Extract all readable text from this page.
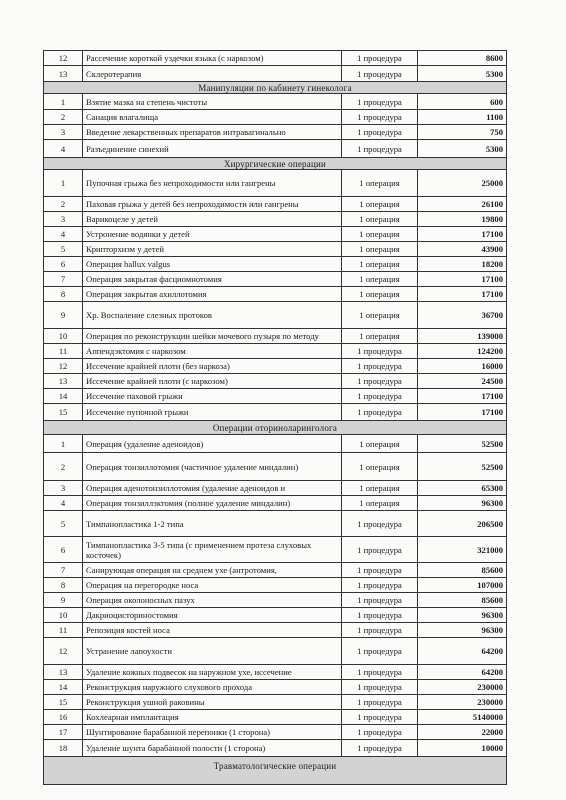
12	Рассечение короткой уздечки языка (с наркозом)	1 процедура	8600
13	Склеротерапия	1 процедура	5300
Манипуляции по кабинету гинеколога			
1	Взятие мазка на степень чистоты	1 процедура	600
2	Санация влагалища	1 процедура	1100
3	Введение лекарственных препаратов интравагинально	1 процедура	750
4	Разъединение синехий	1 процедура	5300
Хирургические операции			
1	Пупочная грыжа без непроходимости или гангрены	1 операция	25000
2	Паховая грыжа у детей без непроходимости или гангрены	1 операция	26100
3	Варикоцеле у детей	1 операция	19800
4	Устронение водянки у детей	1 операция	17100
5	Крипторхизм у детей	1 операция	43900
6	Операция hallux valgus	1 операция	18200
7	Операция закрытая фасциомнотомия	1 операция	17100
8	Операция закрытая ахиллотомия	1 операция	17100
9	Хр. Воспаление слезных протоков	1 операция	36700
10	Операция по реконструкции шейки мочевого пузыря по методу	1 операция	139000
11	Аппендэктомия с наркозом	1 процедура	124200
12	Иссечение крайней плоти (без наркоза)	1 процедура	16000
13	Иссечение крайней плоти (с наркозом)	1 процедура	24500
14	Иссечение паховой грыжи	1 процедура	17100
15	Иссечение пупочной грыжи	1 процедура	17100
Операции оториноларинголога			
1	Операция (удаление аденоидов)	1 операция	52500
2	Операция тонзиллотомия (частичное удаление миндалин)	1 операция	52500
3	Операция аденотонзиллотомия (удаление аденоидов и	1 операция	65300
4	Операция тонзиллэктомия (полное удаление миндалин)	1 операция	96300
5	Тимпанопластика 1-2 типа	1 процедура	206500
6	Тимпанопластика 3-5 типа (с применением протеза слуховых косточек)	1 процедура	321000
7	Санирующая операция на среднем ухе (антротомия,	1 процедура	85600
8	Операция на перегородке носа	1 процедура	107000
9	Операция околоносных пазух	1 процедура	85600
10	Дакриоцисториностомия	1 процедура	96300
11	Репозиция костей носа	1 процедура	96300
12	Устранение лапоухости	1 процедура	64200
13	Удаление кожных подвесок на наружном ухе, иссечение	1 процедура	64200
14	Реконструкция наружного слухового прохода	1 процедура	230000
15	Реконструкция ушной раковины	1 процедура	230000
16	Кохлеарная имплантация	1 процедура	5140000
17	Шунтирование барабанной перепонки (1 сторона)	1 процедура	22000
18	Удаление шунта барабанной полости (1 сторона)	1 процедура	10000
Травматологические операции			
